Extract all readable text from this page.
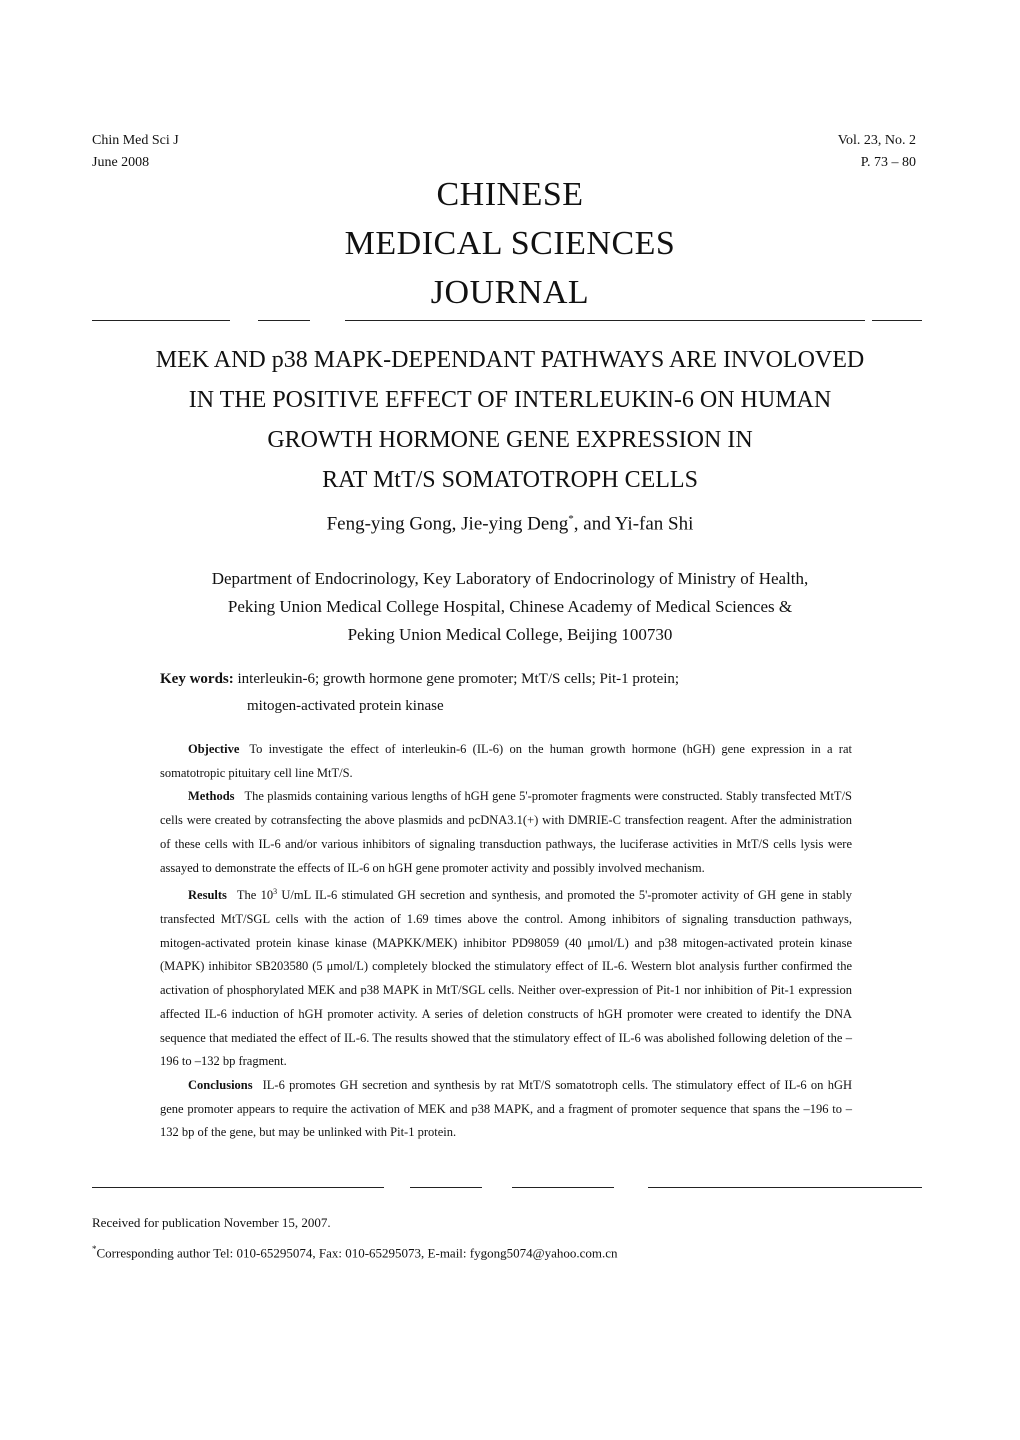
Chin Med Sci J
June 2008
Vol. 23, No. 2
P. 73 – 80
CHINESE
MEDICAL SCIENCES
JOURNAL
MEK AND p38 MAPK-DEPENDANT PATHWAYS ARE INVOLOVED
IN THE POSITIVE EFFECT OF INTERLEUKIN-6 ON HUMAN
GROWTH HORMONE GENE EXPRESSION IN
RAT MtT/S SOMATOTROPH CELLS
Feng-ying Gong, Jie-ying Deng*, and Yi-fan Shi
Department of Endocrinology, Key Laboratory of Endocrinology of Ministry of Health,
Peking Union Medical College Hospital, Chinese Academy of Medical Sciences &
Peking Union Medical College, Beijing 100730
Key words: interleukin-6; growth hormone gene promoter; MtT/S cells; Pit-1 protein;
mitogen-activated protein kinase

Objective To investigate the effect of interleukin-6 (IL-6) on the human growth hormone (hGH) gene expression in a rat somatotropic pituitary cell line MtT/S.

Methods The plasmids containing various lengths of hGH gene 5'-promoter fragments were constructed. Stably transfected MtT/S cells were created by cotransfecting the above plasmids and pcDNA3.1(+) with DMRIE-C transfection reagent. After the administration of these cells with IL-6 and/or various inhibitors of signaling transduction pathways, the luciferase activities in MtT/S cells lysis were assayed to demonstrate the effects of IL-6 on hGH gene promoter activity and possibly involved mechanism.

Results The $10^3$ U/mL IL-6 stimulated GH secretion and synthesis, and promoted the 5'-promoter activity of GH gene in stably transfected MtT/SGL cells with the action of 1.69 times above the control. Among inhibitors of signaling transduction pathways, mitogen-activated protein kinase kinase (MAPKK/MEK) inhibitor PD98059 (40 μmol/L) and p38 mitogen-activated protein kinase (MAPK) inhibitor SB203580 (5 μmol/L) completely blocked the stimulatory effect of IL-6. Western blot analysis further confirmed the activation of phosphorylated MEK and p38 MAPK in MtT/SGL cells. Neither over-expression of Pit-1 nor inhibition of Pit-1 expression affected IL-6 induction of hGH promoter activity. A series of deletion constructs of hGH promoter were created to identify the DNA sequence that mediated the effect of IL-6. The results showed that the stimulatory effect of IL-6 was abolished following deletion of the –196 to –132 bp fragment.

Conclusions IL-6 promotes GH secretion and synthesis by rat MtT/S somatotroph cells. The stimulatory effect of IL-6 on hGH gene promoter appears to require the activation of MEK and p38 MAPK, and a fragment of promoter sequence that spans the –196 to –132 bp of the gene, but may be unlinked with Pit-1 protein.

Received for publication November 15, 2007.
*Corresponding author Tel: 010-65295074, Fax: 010-65295073, E-mail: fygong5074@yahoo.com.cn
